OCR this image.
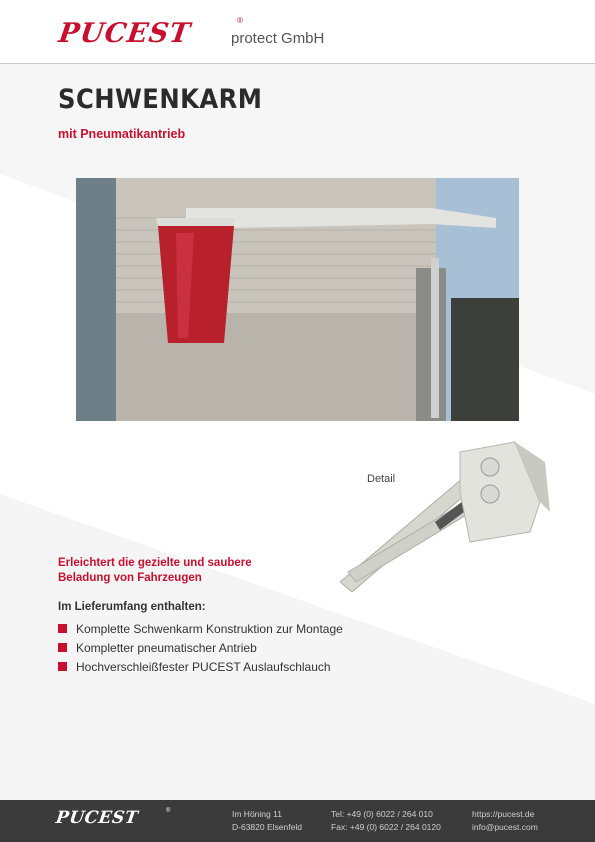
PUCEST	®
protect GmbH
SCHWENKARM
mit Pneumatikantrieb
Detail
Erleichtert die gezielte und saubere
Beladung von Fahrzeugen
Im Lieferumfang enthalten:
Komplette Schwenkarm Konstruktion zur Montage
Kompletter pneumatischer Antrieb
Hochverschleißfester PUCEST Auslaufschlauch
PUCEST	®	Im Höning 11
D-63820 Elsenfeld
Tel: +49 (0) 6022 / 264 010
Fax: +49 (0) 6022 / 264 0120
https://pucest.de
info@pucest.com
